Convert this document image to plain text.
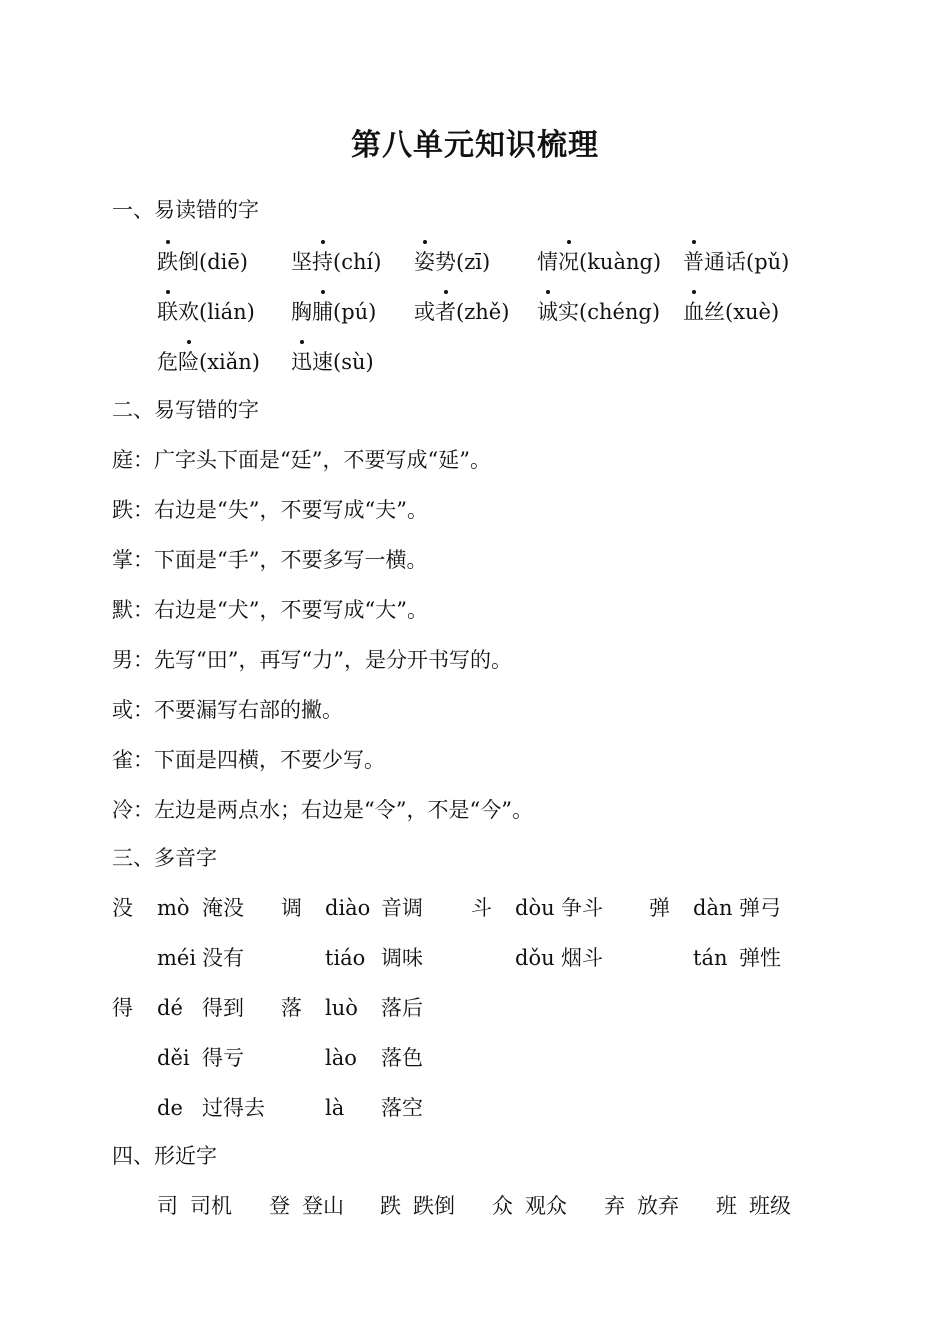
第八单元知识梳理
一、易读错的字
跌倒(diē) 坚持(chí) 姿势(zī) 情况(kuàng) 普通话(pǔ)
联欢(lián) 胸脯(pú) 或者(zhě) 诚实(chéng) 血丝(xuè)
危险(xiǎn) 迅速(sù)
二、易写错的字
庭：广字头下面是“廷”，不要写成“延”。
跌：右边是“失”，不要写成“夫”。
掌：下面是“手”，不要多写一横。
默：右边是“犬”，不要写成“大”。
男：先写“田”，再写“力”，是分开书写的。
或：不要漏写右部的撇。
雀：下面是四横，不要少写。
冷：左边是两点水；右边是“令”，不是“今”。
三、多音字
没 mò 淹没 调 diào 音调 斗 dòu 争斗 弹 dàn 弹弓
méi 没有	tiáo 调味	dǒu 烟斗	tán 弹性
得 dé 得到 落 luò 落后
děi 得亏	lào 落色
de 过得去	là 落空
四、形近字
司 司机 登 登山 跌 跌倒 众 观众 弃 放弃 班 班级
